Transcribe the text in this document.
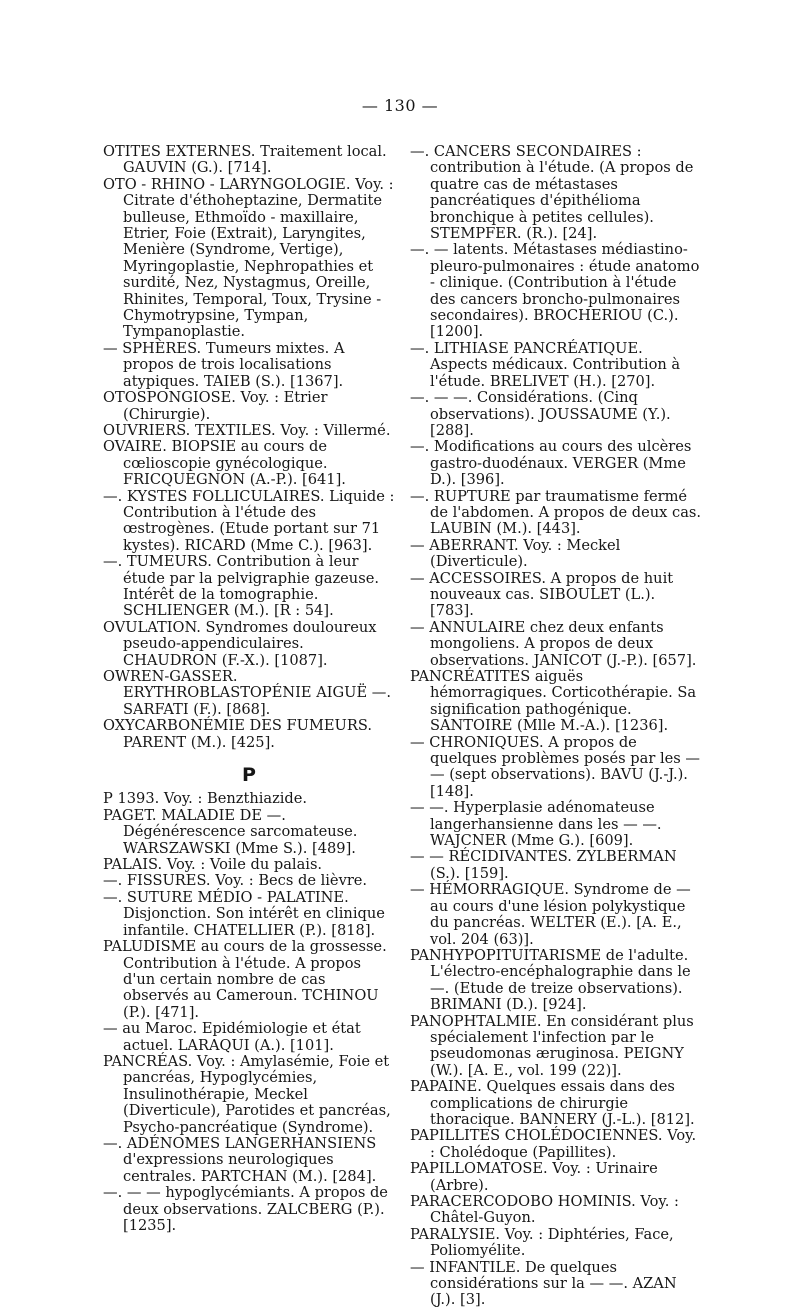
— 130 —
OTITES EXTERNES. Traitement local. GAUVIN (G.). [714].
OTO - RHINO - LARYNGOLOGIE. Voy. : Citrate d'éthoheptazine, Dermatite bulleuse, Ethmoïdo - maxillaire, Etrier, Foie (Extrait), Laryngites, Menière (Syndrome, Vertige), Myringoplastie, Nephropathies et surdité, Nez, Nystagmus, Oreille, Rhinites, Temporal, Toux, Trysine - Chymotrypsine, Tympan, Tympanoplastie.
— SPHÈRES. Tumeurs mixtes. A propos de trois localisations atypiques. TAIEB (S.). [1367].
OTOSPONGIOSE. Voy. : Etrier (Chirurgie).
OUVRIERS. TEXTILES. Voy. : Villermé.
OVAIRE. BIOPSIE au cours de cœlioscopie gynécologique. FRICQUEGNON (A.-P.). [641].
—. KYSTES FOLLICULAIRES. Liquide : Contribution à l'étude des œstrogènes. (Etude portant sur 71 kystes). RICARD (Mme C.). [963].
—. TUMEURS. Contribution à leur étude par la pelvigraphie gazeuse. Intérêt de la tomographie. SCHLIENGER (M.). [R : 54].
OVULATION. Syndromes douloureux pseudo-appendiculaires. CHAUDRON (F.-X.). [1087].
OWREN-GASSER. ERYTHROBLASTOPÉNIE AIGUË —. SARFATI (F.). [868].
OXYCARBONÉMIE DES FUMEURS. PARENT (M.). [425].
P
P 1393. Voy. : Benzthiazide.
PAGET. MALADIE DE —. Dégénérescence sarcomateuse. WARSZAWSKI (Mme S.). [489].
PALAIS. Voy. : Voile du palais.
—. FISSURES. Voy. : Becs de lièvre.
—. SUTURE MÉDIO - PALATINE. Disjonction. Son intérêt en clinique infantile. CHATELLIER (P.). [818].
PALUDISME au cours de la grossesse. Contribution à l'étude. A propos d'un certain nombre de cas observés au Cameroun. TCHINOU (P.). [471].
— au Maroc. Epidémiologie et état actuel. LARAQUI (A.). [101].
PANCRÉAS. Voy. : Amylasémie, Foie et pancréas, Hypoglycémies, Insulinothérapie, Meckel (Diverticule), Parotides et pancréas, Psycho-pancréatique (Syndrome).
—. ADÉNOMES LANGERHANSIENS d'expressions neurologiques centrales. PARTCHAN (M.). [284].
—. — — hypoglycémiants. A propos de deux observations. ZALCBERG (P.). [1235].
—. CANCERS SECONDAIRES : contribution à l'étude. (A propos de quatre cas de métastases pancréatiques d'épithélioma bronchique à petites cellules). STEMPFER. (R.). [24].
—. — latents. Métastases médiastino-pleuro-pulmonaires : étude anatomo - clinique. (Contribution à l'étude des cancers broncho-pulmonaires secondaires). BROCHERIOU (C.). [1200].
—. LITHIASE PANCRÉATIQUE. Aspects médicaux. Contribution à l'étude. BRELIVET (H.). [270].
—. — —. Considérations. (Cinq observations). JOUSSAUME (Y.). [288].
—. Modifications au cours des ulcères gastro-duodénaux. VERGER (Mme D.). [396].
—. RUPTURE par traumatisme fermé de l'abdomen. A propos de deux cas. LAUBIN (M.). [443].
— ABERRANT. Voy. : Meckel (Diverticule).
— ACCESSOIRES. A propos de huit nouveaux cas. SIBOULET (L.). [783].
— ANNULAIRE chez deux enfants mongoliens. A propos de deux observations. JANICOT (J.-P.). [657].
PANCRÉATITES aiguës hémorragiques. Corticothérapie. Sa signification pathogénique. SANTOIRE (Mlle M.-A.). [1236].
— CHRONIQUES. A propos de quelques problèmes posés par les — — (sept observations). BAVU (J.-J.). [148].
— —. Hyperplasie adénomateuse langerhansienne dans les — —. WAJCNER (Mme G.). [609].
— — RÉCIDIVANTES. ZYLBERMAN (S.). [159].
— HÉMORRAGIQUE. Syndrome de — au cours d'une lésion polykystique du pancréas. WELTER (E.). [A. E., vol. 204 (63)].
PANHYPOPITUITARISME de l'adulte. L'électro-encéphalographie dans le —. (Etude de treize observations). BRIMANI (D.). [924].
PANOPHTALMIE. En considérant plus spécialement l'infection par le pseudomonas æruginosa. PEIGNY (W.). [A. E., vol. 199 (22)].
PAPAINE. Quelques essais dans des complications de chirurgie thoracique. BANNERY (J.-L.). [812].
PAPILLITES CHOLÉDOCIENNES. Voy. : Cholédoque (Papillites).
PAPILLOMATOSE. Voy. : Urinaire (Arbre).
PARACERCODOBO HOMINIS. Voy. : Châtel-Guyon.
PARALYSIE. Voy. : Diphtéries, Face, Poliomyélite.
— INFANTILE. De quelques considérations sur la — —. AZAN (J.). [3].
